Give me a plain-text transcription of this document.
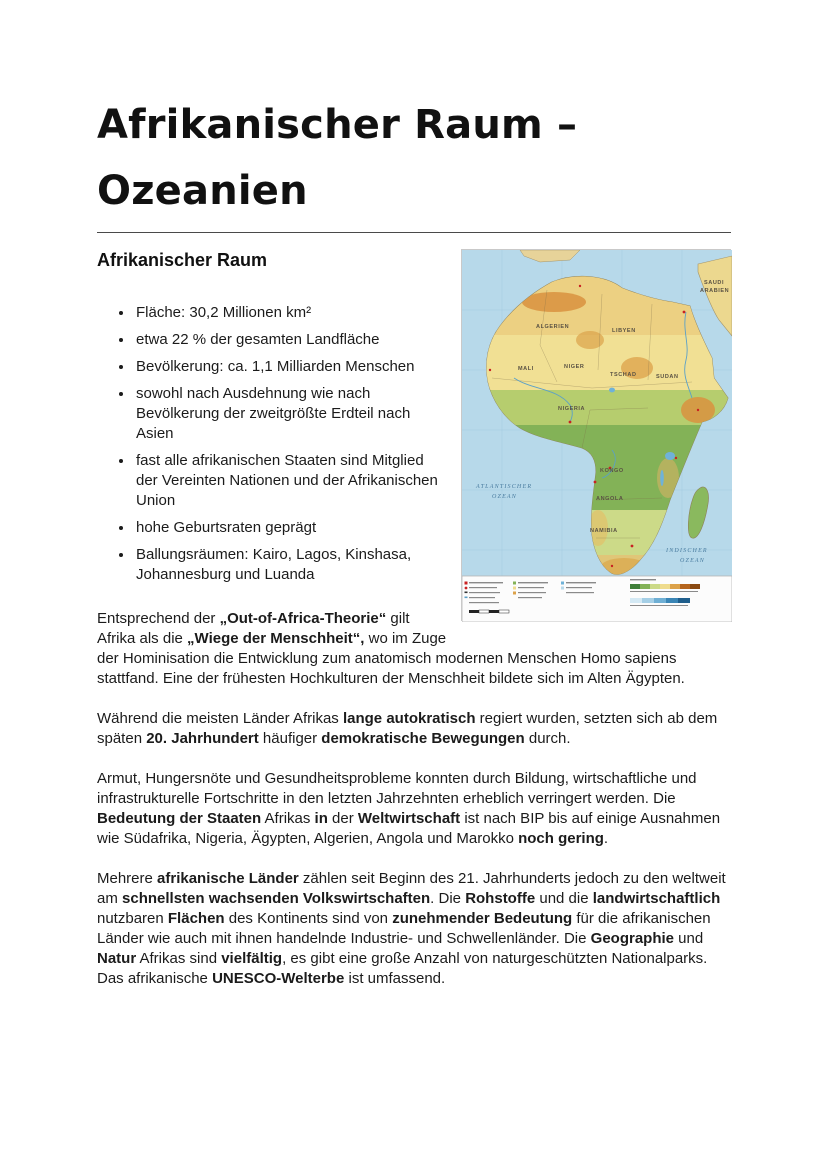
Afrikanischer Raum –
Ozeanien
ALGERIEN
LIBYEN
MALI	NIGER
TSCHAD	SUDAN
NIGERIA
KONGO
ANGOLA
NAMIBIA
SAUDI
ARABIEN
ATLANTISCHER
OZEAN
INDISCHER
OZEAN
Afrikanischer Raum
• Fläche: 30,2 Millionen km²
• etwa 22 % der gesamten Landfläche
• Bevölkerung: ca. 1,1 Milliarden Menschen
• sowohl nach Ausdehnung wie nach Bevölkerung der zweitgrößte Erdteil nach Asien
• fast alle afrikanischen Staaten sind Mitglied der Vereinten Nationen und der Afrikanischen Union
• hohe Geburtsraten geprägt
• Ballungsräumen: Kairo, Lagos, Kinshasa, Johannesburg und Luanda

Entsprechend der „Out-of-Africa-Theorie“ gilt Afrika als die „Wiege der Menschheit“, wo im Zuge der Hominisation die Entwicklung zum anatomisch modernen Menschen Homo sapiens stattfand. Eine der frühesten Hochkulturen der Menschheit bildete sich im Alten Ägypten.

Während die meisten Länder Afrikas lange autokratisch regiert wurden, setzten sich ab dem späten 20. Jahrhundert häufiger demokratische Bewegungen durch.

Armut, Hungersnöte und Gesundheitsprobleme konnten durch Bildung, wirtschaftliche und infrastrukturelle Fortschritte in den letzten Jahrzehnten erheblich verringert werden. Die Bedeutung der Staaten Afrikas in der Weltwirtschaft ist nach BIP bis auf einige Ausnahmen wie Südafrika, Nigeria, Ägypten, Algerien, Angola und Marokko noch gering.

Mehrere afrikanische Länder zählen seit Beginn des 21. Jahrhunderts jedoch zu den weltweit am schnellsten wachsenden Volkswirtschaften. Die Rohstoffe und die landwirtschaftlich nutzbaren Flächen des Kontinents sind von zunehmender Bedeutung für die afrikanischen Länder wie auch mit ihnen handelnde Industrie- und Schwellenländer. Die Geographie und Natur Afrikas sind vielfältig, es gibt eine große Anzahl von naturgeschützten Nationalparks. Das afrikanische UNESCO-Welterbe ist umfassend.
